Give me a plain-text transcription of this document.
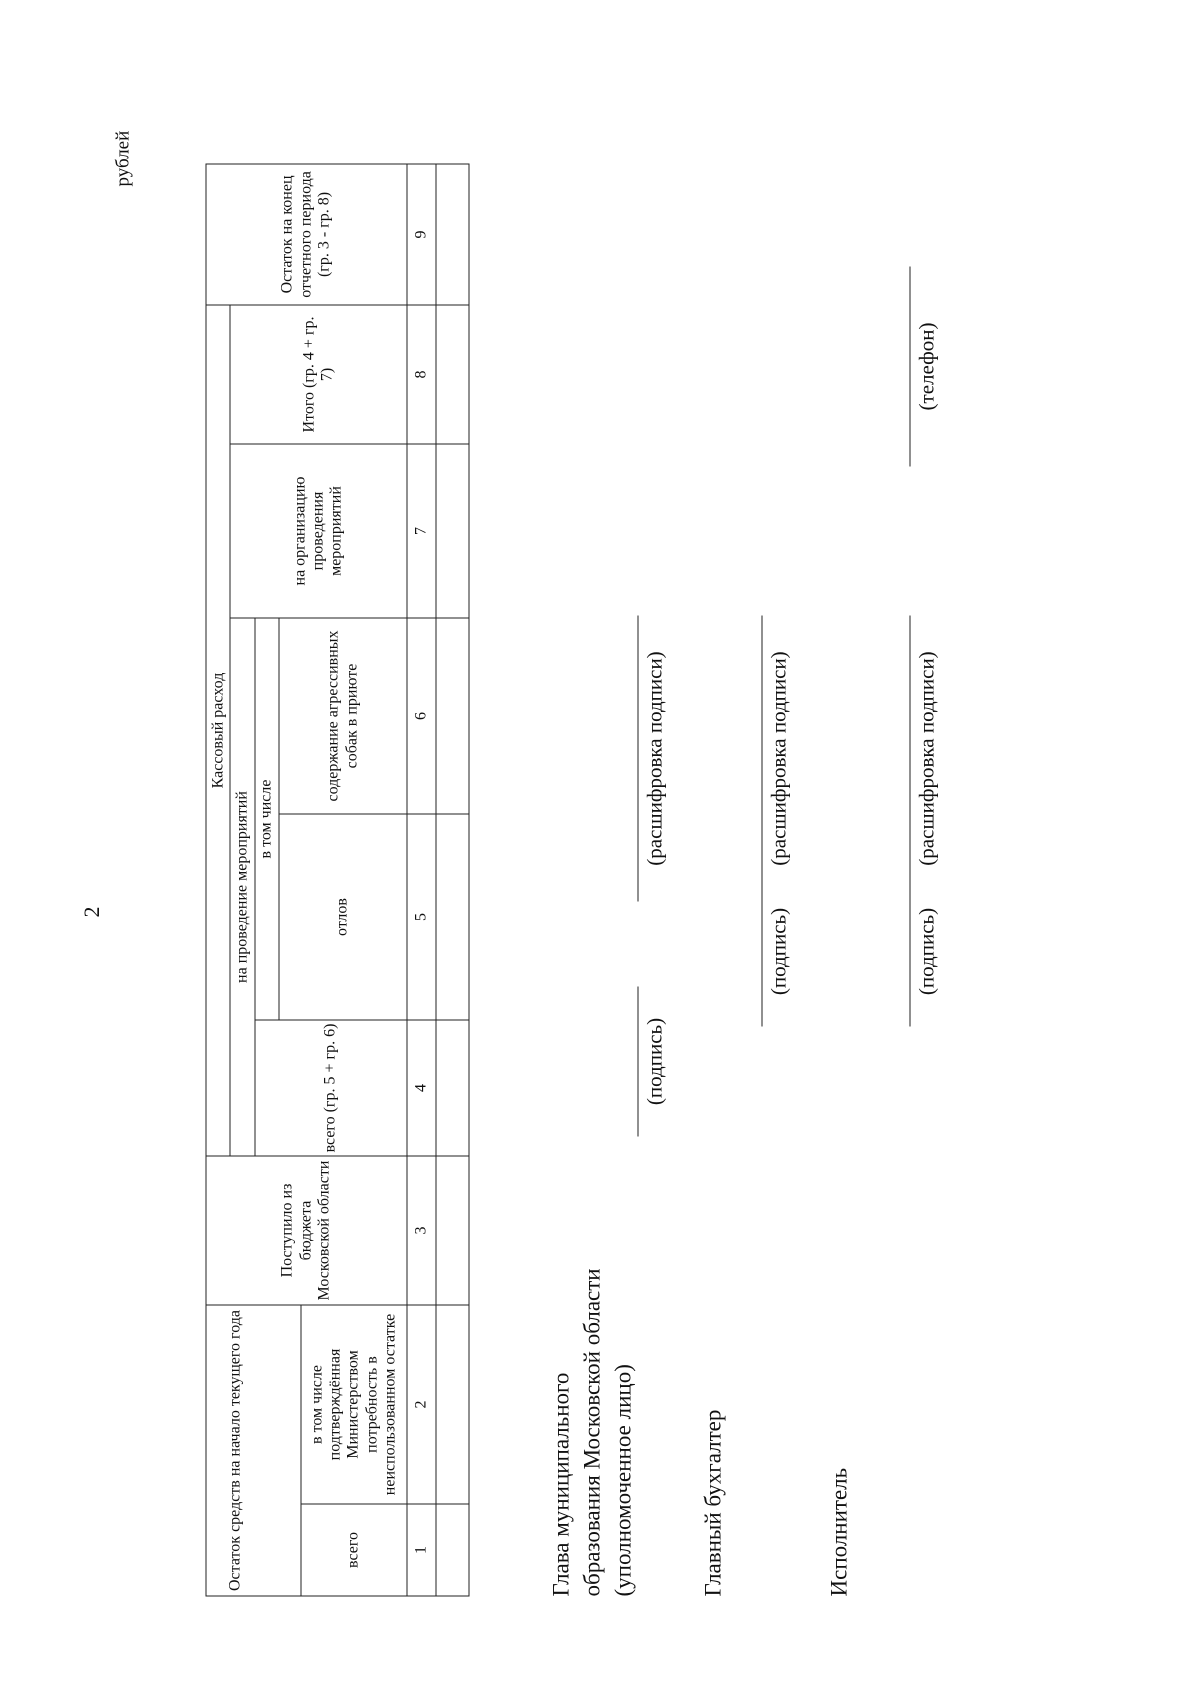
2
рублей
Остаток средств на начало текущего года		Поступило из бюджета Московской области	Кассовый расход					Остаток на конец отчетного периода (гр. 3 - гр. 8)
			на проведение мероприятий			на организацию проведения мероприятий	Итого (гр. 4 + гр. 7)	
			всего (гр. 5 + гр. 6)	в том числе				
				отлов	содержание агрессивных собак в приюте			
всего	в том числе подтверждённая Министерством потребность в неиспользованном остатке							
1	2	3	4	5	6	7	8	9

Глава муниципального
образования Московской области
(уполномоченное лицо)
(подпись)
(расшифровка подписи)
Главный бухгалтер
(подпись)
(расшифровка подписи)
Исполнитель
(подпись)
(расшифровка подписи)
(телефон)
